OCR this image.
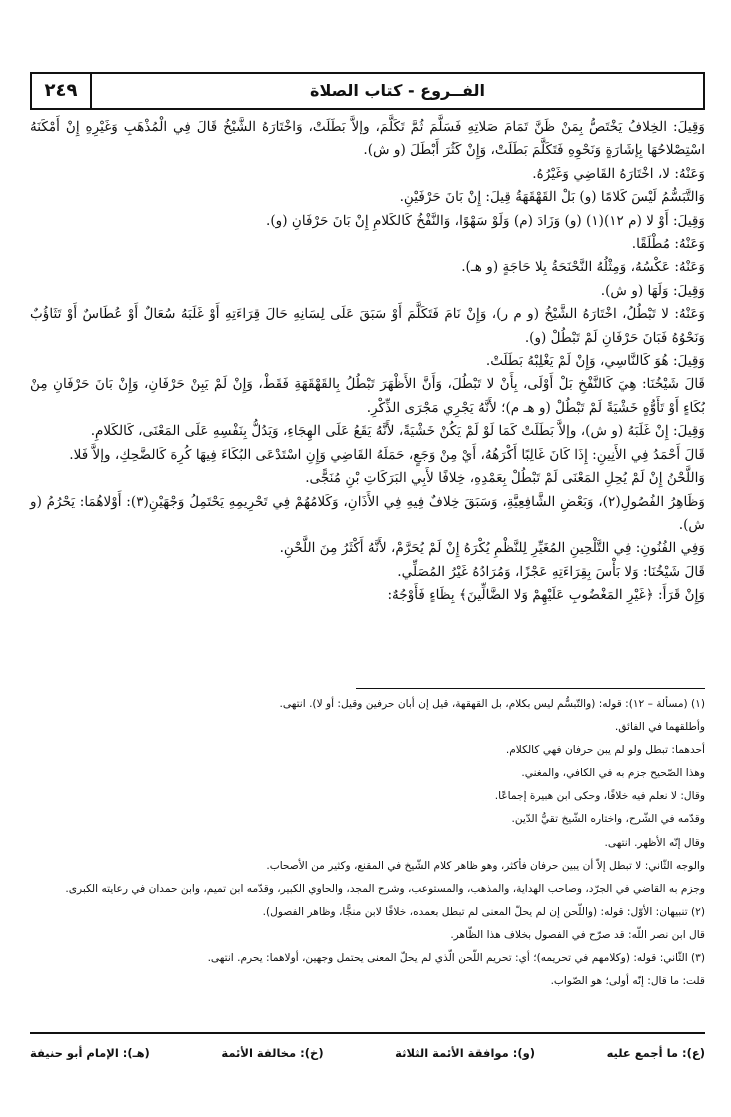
٢٤٩	الفــروع - كتاب الصلاة

وَقِيلَ: الخِلافُ يَخْتَصُّ بِمَنْ ظَنَّ تَمَامَ صَلاتِهِ فَسَلَّمَ ثُمَّ تَكَلَّمَ، وإلاَّ بَطَلَتْ، وَاخْتَارَهُ الشَّيْخُ قَالَ فِي الْمُذْهَبِ وَغَيْرِهِ إِنْ أَمْكَنَهُ اسْتِصْلاحُهَا بِإشَارَةٍ وَنَحْوِهِ فَتَكَلَّمَ بَطَلَتْ، وَإِنْ كَثُرَ أَبْطَلَ (و ش).

وَعَنْهُ: لا، اخْتَارَهُ القَاضِي وَغَيْرُهُ.

وَالتَّبَسُّمُ لَيْسَ كَلامًا (و) بَلْ القَهْقَهَةُ قِيلَ: إِنْ بَانَ حَرْفَيْنِ.

وَقِيلَ: أَوْ لا (م ١٢)(١) (و) وَزَادَ (م) وَلَوْ سَهْوًا، وَالنَّفْخُ كَالكَلامِ إِنْ بَانَ حَرْفَانِ (و).

وَعَنْهُ: مُطْلَقًا.

وَعَنْهُ: عَكْسُهُ، وَمِثْلُهُ النَّحْنَحَةُ بِلا حَاجَةٍ (و هـ).

وَقِيلَ: وَلَهَا (و ش).

وَعَنْهُ: لا تَبْطُلُ، اخْتَارَهُ الشَّيْخُ (و م ر)، وَإِنْ نَامَ فَتَكَلَّمَ أَوْ سَبَقَ عَلَى لِسَانِهِ حَالَ قِرَاءَتِهِ أَوْ غَلَبَهُ سُعَالٌ أَوْ عُطَاسٌ أَوْ تَثَاؤُبٌ وَنَحْوُهُ فَبَانَ حَرْفَانِ لَمْ تَبْطُلْ (و).

وَقِيلَ: هُوَ كَالنَّاسِي، وَإِنْ لَمْ يَغْلِبْهُ بَطَلَتْ.

قَالَ شَيْخُنَا: هِيَ كَالنَّفْخِ بَلْ أَوْلَى، بِأَنْ لا تَبْطُلَ، وَأَنَّ الأَظْهَرَ تَبْطُلُ بِالقَهْقَهَةِ فَقَطْ، وَإِنْ لَمْ يَبِنْ حَرْفَانِ، وَإِنْ بَانَ حَرْفَانِ مِنْ بُكَاءٍ أَوْ تَأَوُّهٍ خَشْيَةً لَمْ تَبْطُلْ (و هـ م)؛ لأَنَّهُ يَجْرِي مَجْرَى الذِّكْرِ.

وَقِيلَ: إِنْ غَلَبَهُ (و ش)، وإلاَّ بَطَلَتْ كَمَا لَوْ لَمْ يَكُنْ خَشْيَةً، لأَنَّهُ يَقَعُ عَلَى الهِجَاءِ، وَيَدُلُّ بِنَفْسِهِ عَلَى المَعْنَى، كَالكَلامِ.

قَالَ أَحْمَدُ فِي الأَنِينِ: إِذَا كَانَ غَالِبًا أَكْرَهُهُ، أَيْ مِنْ وَجَعٍ، حَمَلَهُ القَاضِي وَإِنِ اسْتَدْعَى البُكَاءَ فِيهَا كُرِهَ كَالضَّحِكِ، وإلاَّ فَلا.

وَاللَّحْنُ إِنْ لَمْ يُحِلِ المَعْنَى لَمْ تَبْطُلْ بِعَمْدِهِ، خِلافًا لأَبِي البَرَكَاتِ بْنِ مُنَجًّى.

وَظَاهِرُ الفُصُولِ(٢)، وَبَعْضِ الشَّافِعِيَّةِ، وَسَبَقَ خِلافٌ فِيهِ فِي الأَذَانِ، وَكَلامُهُمْ فِي تَحْرِيمِهِ يَحْتَمِلُ وَجْهَيْنِ(٣): أَوْلاهُمَا: يَحْرُمُ (و ش).

وَفِي الفُنُونِ: فِي التَّلْحِينِ المُغَيِّرِ لِلنَّظْمِ يُكْرَهُ إِنْ لَمْ يُحَرَّمْ، لأَنَّهُ أَكْثَرُ مِنَ اللَّحْنِ.

قَالَ شَيْخُنَا: وَلا بَأْسَ بِقِرَاءَتِهِ عَجْزًا، وَمُرَادُهُ غَيْرُ المُصَلِّي.

وَإِنْ قَرَأَ: ﴿غَيْرِ المَغْضُوبِ عَلَيْهِمْ وَلا الضَّالِّينَ﴾ بِظَاءٍ فَأَوْجُهٌ:

(١) (مسألة – ١٢): قوله: (والتّبسُّم ليس بكلام، بل القهقهة، قيل إن أبان حرفين وقيل: أو لا). انتهى.

وأطلقهما في الفائق.

أحدهما: تبطل ولو لم يبن حرفان فهي كالكلام.

وهذا الصّحيح جزم به في الكافي، والمغني.

وقال: لا نعلم فيه خلافًا، وحكى ابن هبيرة إجماعًا.

وقدّمه في الشّرح، واختاره الشّيخ تقيُّ الدّين.

وقال إنّه الأظهر. انتهى.

والوجه الثّاني: لا تبطل إلاّ أن يبين حرفان فأكثر، وهو ظاهر كلام الشّيخ في المقنع، وكثير من الأصحاب.

وجزم به القاضي في الجرّد، وصاحب الهداية، والمذهب، والمستوعب، وشرح المجد، والحاوي الكبير، وقدّمه ابن تميم، وابن حمدان في رعايته الكبرى.

(٢) تنبيهان: الأوّل: قوله: (واللّحن إن لم يحلّ المعنى لم تبطل بعمده، خلافًا لابن منجًّا، وظاهر الفصول).

قال ابن نصر اللّه: قد صرّح في الفصول بخلاف هذا الظّاهر.

(٣) الثّاني: قوله: (وكلامهم في تحريمه)؛ أي: تحريم اللّحن الّذي لم يحلّ المعنى يحتمل وجهين، أولاهما: يحرم. انتهى.

قلت: ما قال: إنّه أولى؛ هو الصّواب.

(ع): ما أجمع عليه
(و): موافقة الأئمة الثلاثة
(خ): مخالفة الأئمة
(هـ): الإمام أبو حنيفة
